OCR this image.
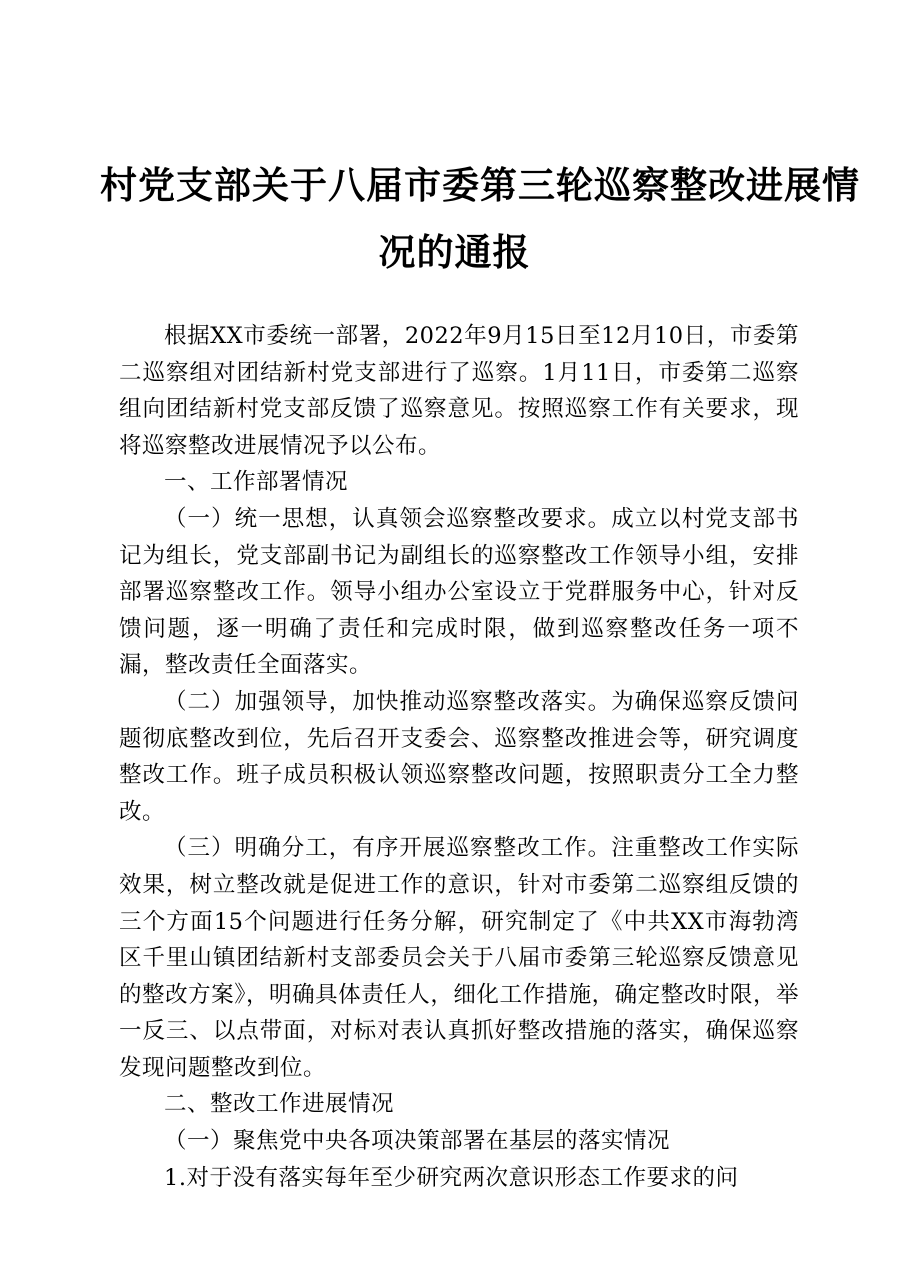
村党支部关于八届市委第三轮巡察整改进展情
况的通报

根据XX市委统一部署，2022年9月15日至12月10日，市委第二巡察组对团结新村党支部进行了巡察。1月11日，市委第二巡察组向团结新村党支部反馈了巡察意见。按照巡察工作有关要求，现将巡察整改进展情况予以公布。

一、工作部署情况

（一）统一思想，认真领会巡察整改要求。成立以村党支部书记为组长，党支部副书记为副组长的巡察整改工作领导小组，安排部署巡察整改工作。领导小组办公室设立于党群服务中心，针对反馈问题，逐一明确了责任和完成时限，做到巡察整改任务一项不漏，整改责任全面落实。

（二）加强领导，加快推动巡察整改落实。为确保巡察反馈问题彻底整改到位，先后召开支委会、巡察整改推进会等，研究调度整改工作。班子成员积极认领巡察整改问题，按照职责分工全力整改。

（三）明确分工，有序开展巡察整改工作。注重整改工作实际效果，树立整改就是促进工作的意识，针对市委第二巡察组反馈的三个方面15个问题进行任务分解，研究制定了《中共XX市海勃湾区千里山镇团结新村支部委员会关于八届市委第三轮巡察反馈意见的整改方案》，明确具体责任人，细化工作措施，确定整改时限，举一反三、以点带面，对标对表认真抓好整改措施的落实，确保巡察发现问题整改到位。

二、整改工作进展情况

（一）聚焦党中央各项决策部署在基层的落实情况

1.对于没有落实每年至少研究两次意识形态工作要求的问
